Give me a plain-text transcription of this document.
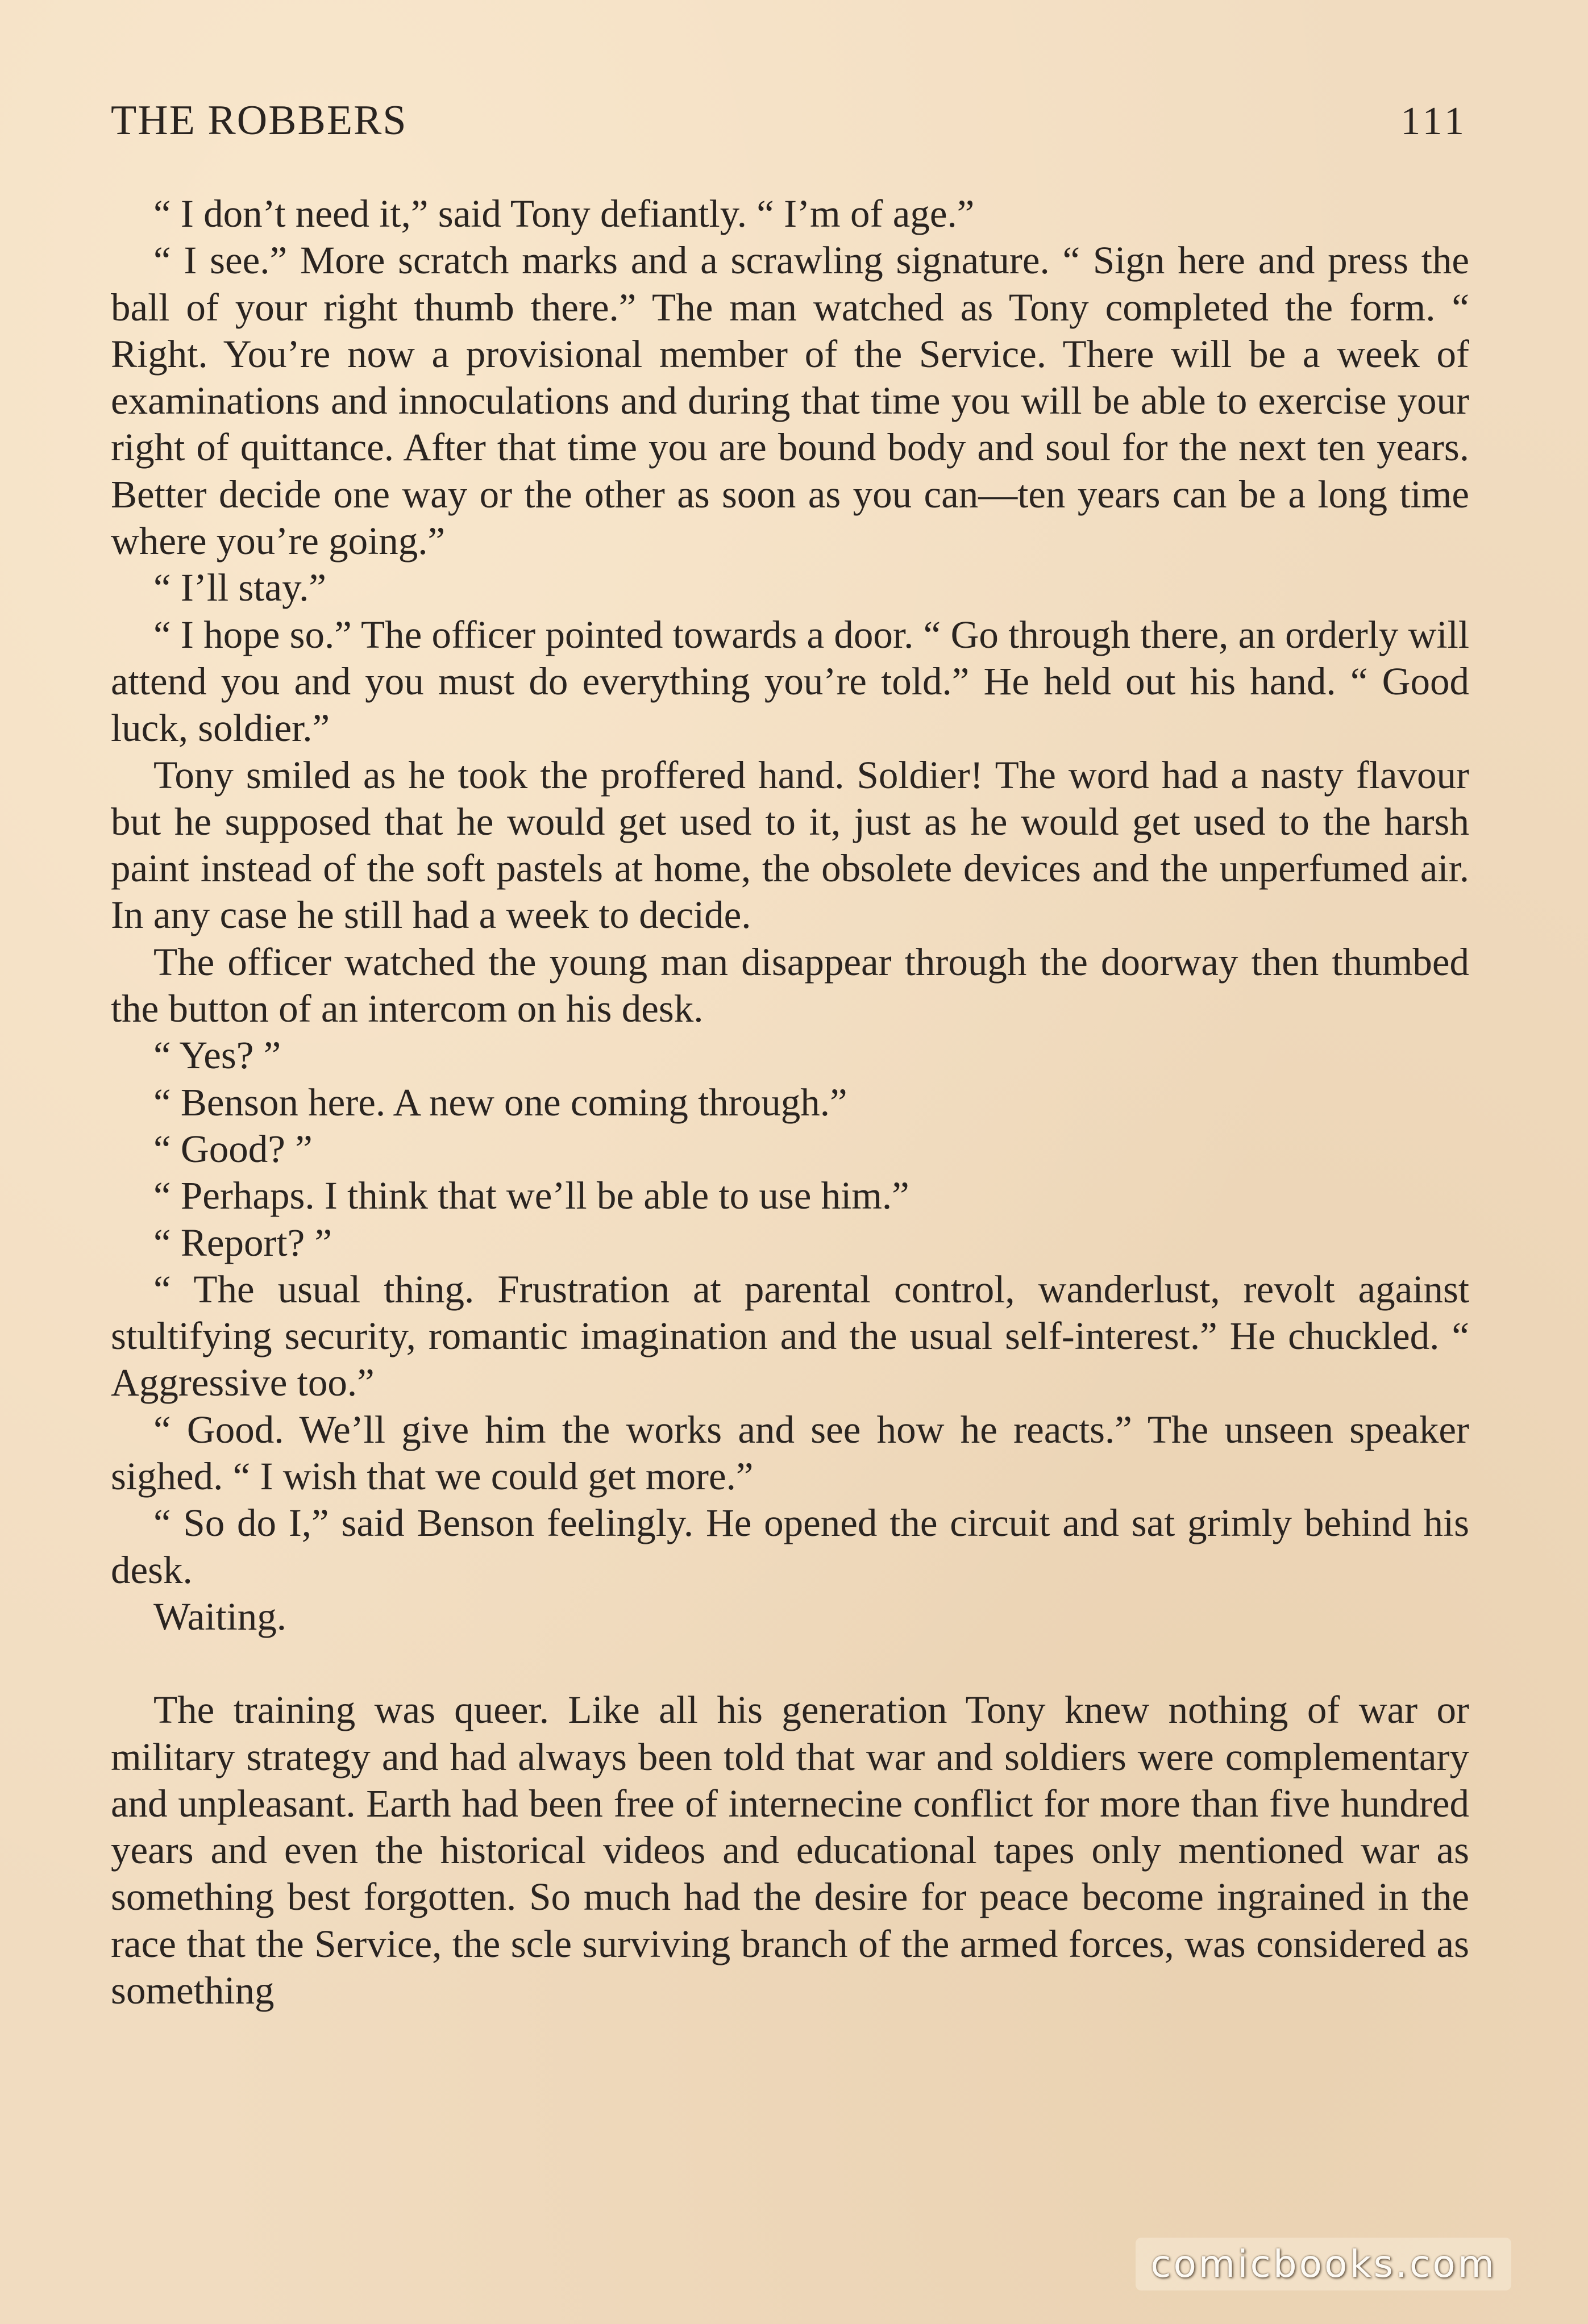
THE ROBBERS	111

“ I don’t need it,” said Tony defiantly. “ I’m of age.”

“ I see.” More scratch marks and a scrawling signature. “ Sign here and press the ball of your right thumb there.” The man watched as Tony completed the form. “ Right. You’re now a provisional member of the Service. There will be a week of examinations and innoculations and during that time you will be able to exercise your right of quittance. After that time you are bound body and soul for the next ten years. Better decide one way or the other as soon as you can—ten years can be a long time where you’re going.”

“ I’ll stay.”

“ I hope so.” The officer pointed towards a door. “ Go through there, an orderly will attend you and you must do everything you’re told.” He held out his hand. “ Good luck, soldier.”

Tony smiled as he took the proffered hand. Soldier! The word had a nasty flavour but he supposed that he would get used to it, just as he would get used to the harsh paint instead of the soft pastels at home, the obsolete devices and the unperfumed air. In any case he still had a week to decide.

The officer watched the young man disappear through the doorway then thumbed the button of an intercom on his desk.

“ Yes? ”

“ Benson here. A new one coming through.”

“ Good? ”

“ Perhaps. I think that we’ll be able to use him.”

“ Report? ”

“ The usual thing. Frustration at parental control, wanderlust, revolt against stultifying security, romantic imagination and the usual self-interest.” He chuckled. “ Aggressive too.”

“ Good. We’ll give him the works and see how he reacts.” The unseen speaker sighed. “ I wish that we could get more.”

“ So do I,” said Benson feelingly. He opened the circuit and sat grimly behind his desk.

Waiting.

The training was queer. Like all his generation Tony knew nothing of war or military strategy and had always been told that war and soldiers were complementary and unpleasant. Earth had been free of internecine conflict for more than five hundred years and even the historical videos and educational tapes only mentioned war as something best forgotten. So much had the desire for peace become ingrained in the race that the Service, the scle surviving branch of the armed forces, was considered as something

comicbooks.com
